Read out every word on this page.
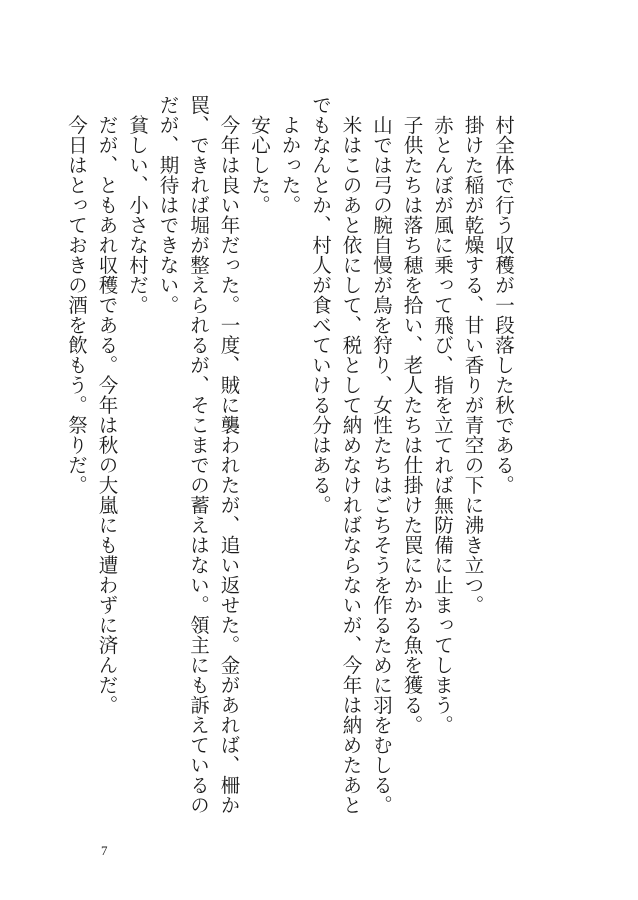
村全体で行う収穫が一段落した秋である。

掛けた稲が乾燥する、甘い香りが青空の下に沸き立つ。

赤とんぼが風に乗って飛び、指を立てれば無防備に止まってしまう。

子供たちは落ち穂を拾い、老人たちは仕掛けた罠にかかる魚を獲る。

山では弓の腕自慢が鳥を狩り、女性たちはごちそうを作るために羽をむしる。

米はこのあと依にして、税として納めなければならないが、今年は納めたあとでもなんとか、村人が食べていける分はある。

よかった。

安心した。

今年は良い年だった。一度、賊に襲われたが、追い返せた。金があれば、柵か罠、できれば堀が整えられるが、そこまでの蓄えはない。領主にも訴えているのだが、期待はできない。

貧しい、小さな村だ。

だが、ともあれ収穫である。今年は秋の大嵐にも遭わずに済んだ。

今日はとっておきの酒を飲もう。祭りだ。

7
